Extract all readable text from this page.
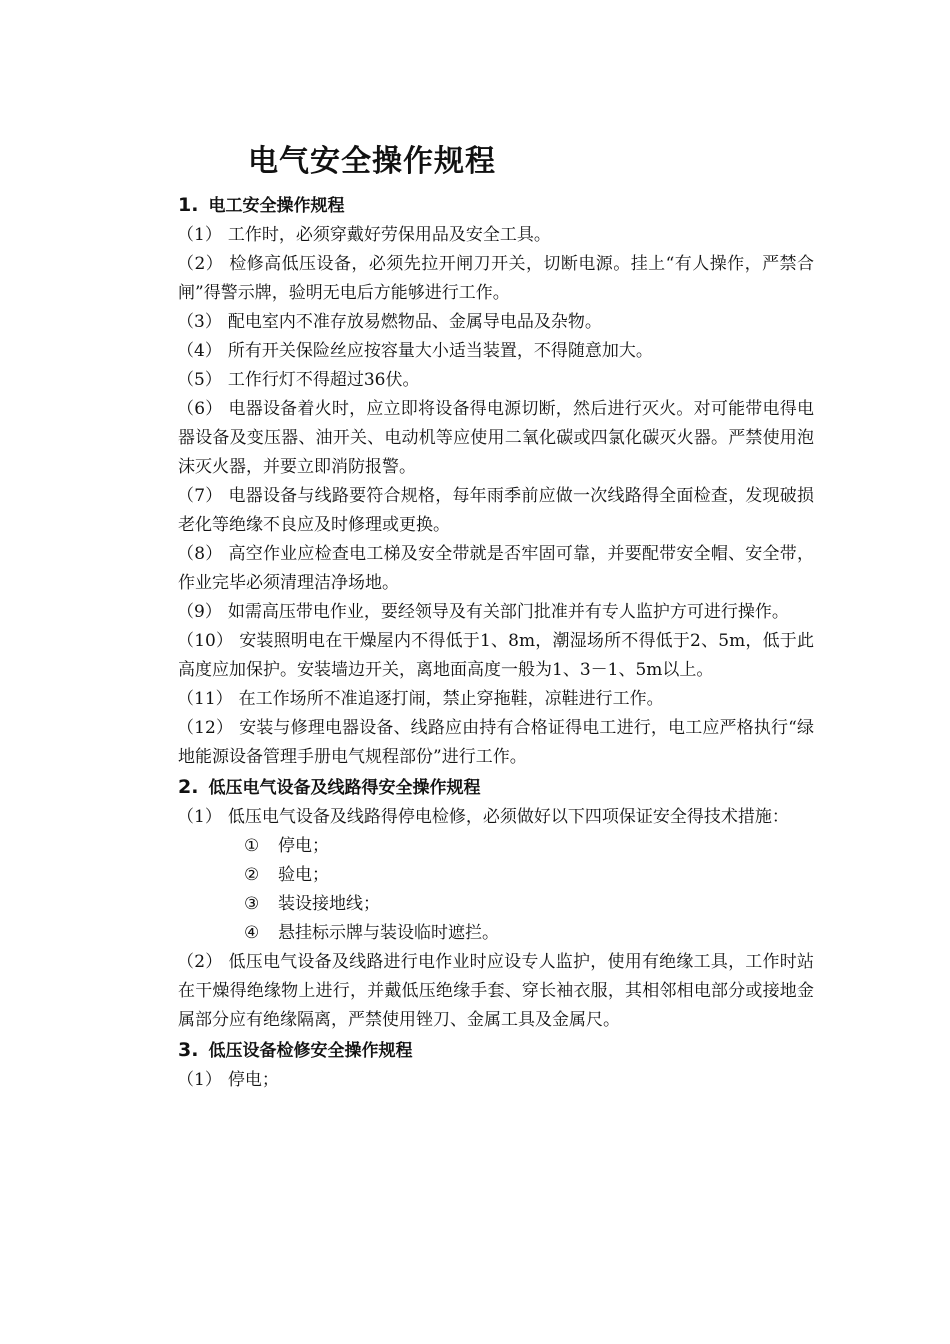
电气安全操作规程
1. 电工安全操作规程

（1） 工作时，必须穿戴好劳保用品及安全工具。

（2） 检修高低压设备，必须先拉开闸刀开关，切断电源。挂上“有人操作，严禁合闸”得警示牌，验明无电后方能够进行工作。

（3） 配电室内不准存放易燃物品、金属导电品及杂物。

（4） 所有开关保险丝应按容量大小适当装置，不得随意加大。

（5） 工作行灯不得超过36伏。

（6） 电器设备着火时，应立即将设备得电源切断，然后进行灭火。对可能带电得电器设备及变压器、油开关、电动机等应使用二氧化碳或四氯化碳灭火器。严禁使用泡沫灭火器，并要立即消防报警。

（7） 电器设备与线路要符合规格，每年雨季前应做一次线路得全面检查，发现破损老化等绝缘不良应及时修理或更换。

（8） 高空作业应检查电工梯及安全带就是否牢固可靠，并要配带安全帽、安全带，作业完毕必须清理洁净场地。

（9） 如需高压带电作业，要经领导及有关部门批准并有专人监护方可进行操作。

（10） 安装照明电在干燥屋内不得低于1、8m，潮湿场所不得低于2、5m，低于此高度应加保护。安装墙边开关，离地面高度一般为1、3－1、5m以上。

（11） 在工作场所不准追逐打闹，禁止穿拖鞋，凉鞋进行工作。

（12） 安装与修理电器设备、线路应由持有合格证得电工进行，电工应严格执行“绿地能源设备管理手册电气规程部份”进行工作。

2. 低压电气设备及线路得安全操作规程

（1） 低压电气设备及线路得停电检修，必须做好以下四项保证安全得技术措施：

① 停电；

② 验电；

③ 装设接地线；

④ 悬挂标示牌与装设临时遮拦。

（2） 低压电气设备及线路进行电作业时应设专人监护，使用有绝缘工具，工作时站在干燥得绝缘物上进行，并戴低压绝缘手套、穿长袖衣服，其相邻相电部分或接地金属部分应有绝缘隔离，严禁使用锉刀、金属工具及金属尺。

3. 低压设备检修安全操作规程

（1） 停电；
